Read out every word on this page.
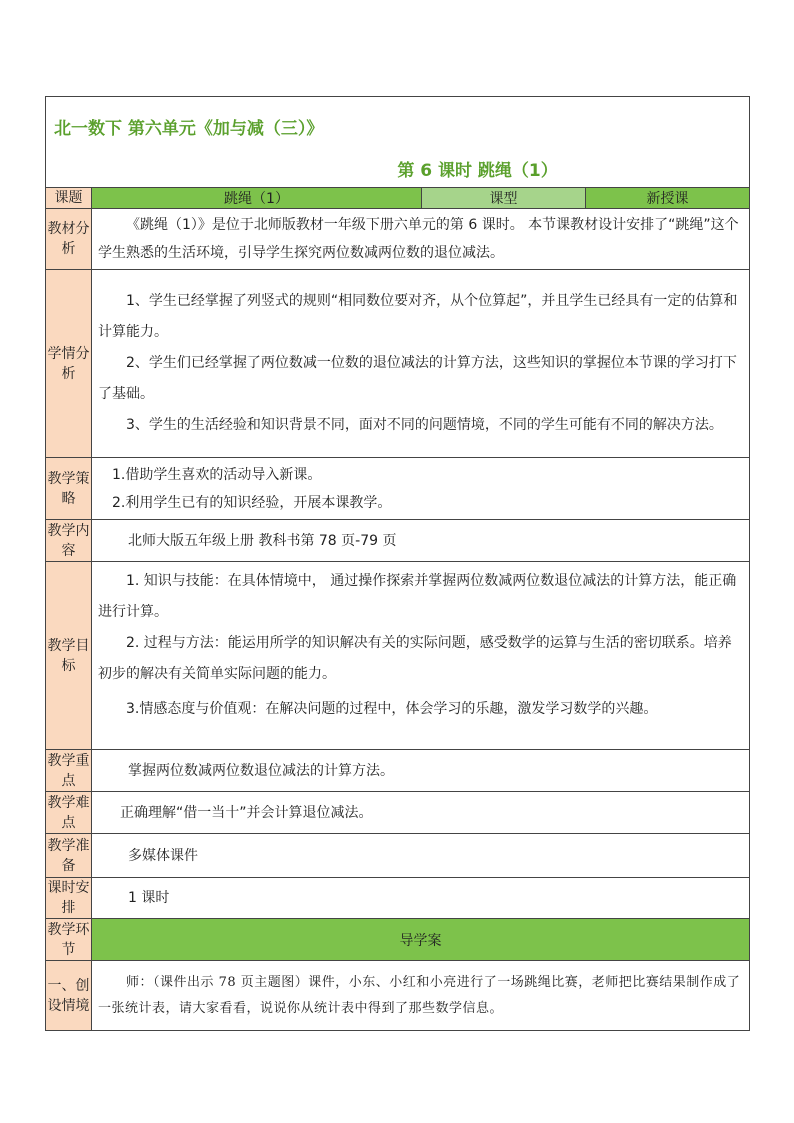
北一数下 第六单元《加与减（三）》			
第 6 课时 跳绳（1）			
课题	跳绳（1）	课型	新授课
教材分析	《跳绳（1）》是位于北师版教材一年级下册六单元的第 6 课时。 本节课教材设计安排了“跳绳”这个学生熟悉的生活环境，引导学生探究两位数减两位数的退位减法。		

学情分析	1、学生已经掌握了列竖式的规则“相同数位要对齐，从个位算起”，并且学生已经具有一定的估算和计算能力。

2、学生们已经掌握了两位数减一位数的退位减法的计算方法，这些知识的掌握位本节课的学习打下了基础。

3、学生的生活经验和知识背景不同，面对不同的问题情境，不同的学生可能有不同的解决方法。		

教学策略	1.借助学生喜欢的活动导入新课。

2.利用学生已有的知识经验，开展本课教学。		

教学内容	北师大版五年级上册 教科书第 78 页-79 页		
教学目标	1. 知识与技能：在具体情境中， 通过操作探索并掌握两位数减两位数退位减法的计算方法，能正确进行计算。

2. 过程与方法：能运用所学的知识解决有关的实际问题，感受数学的运算与生活的密切联系。培养初步的解决有关简单实际问题的能力。

3.情感态度与价值观：在解决问题的过程中，体会学习的乐趣，激发学习数学的兴趣。		

教学重点	掌握两位数减两位数退位减法的计算方法。		
教学难点	正确理解“借一当十”并会计算退位减法。		
教学准备	多媒体课件		
课时安排	1 课时		
教学环节	导学案		
一、创设情境	师：（课件出示 78 页主题图）课件，小东、小红和小亮进行了一场跳绳比赛，老师把比赛结果制作成了一张统计表，请大家看看，说说你从统计表中得到了那些数学信息。		
